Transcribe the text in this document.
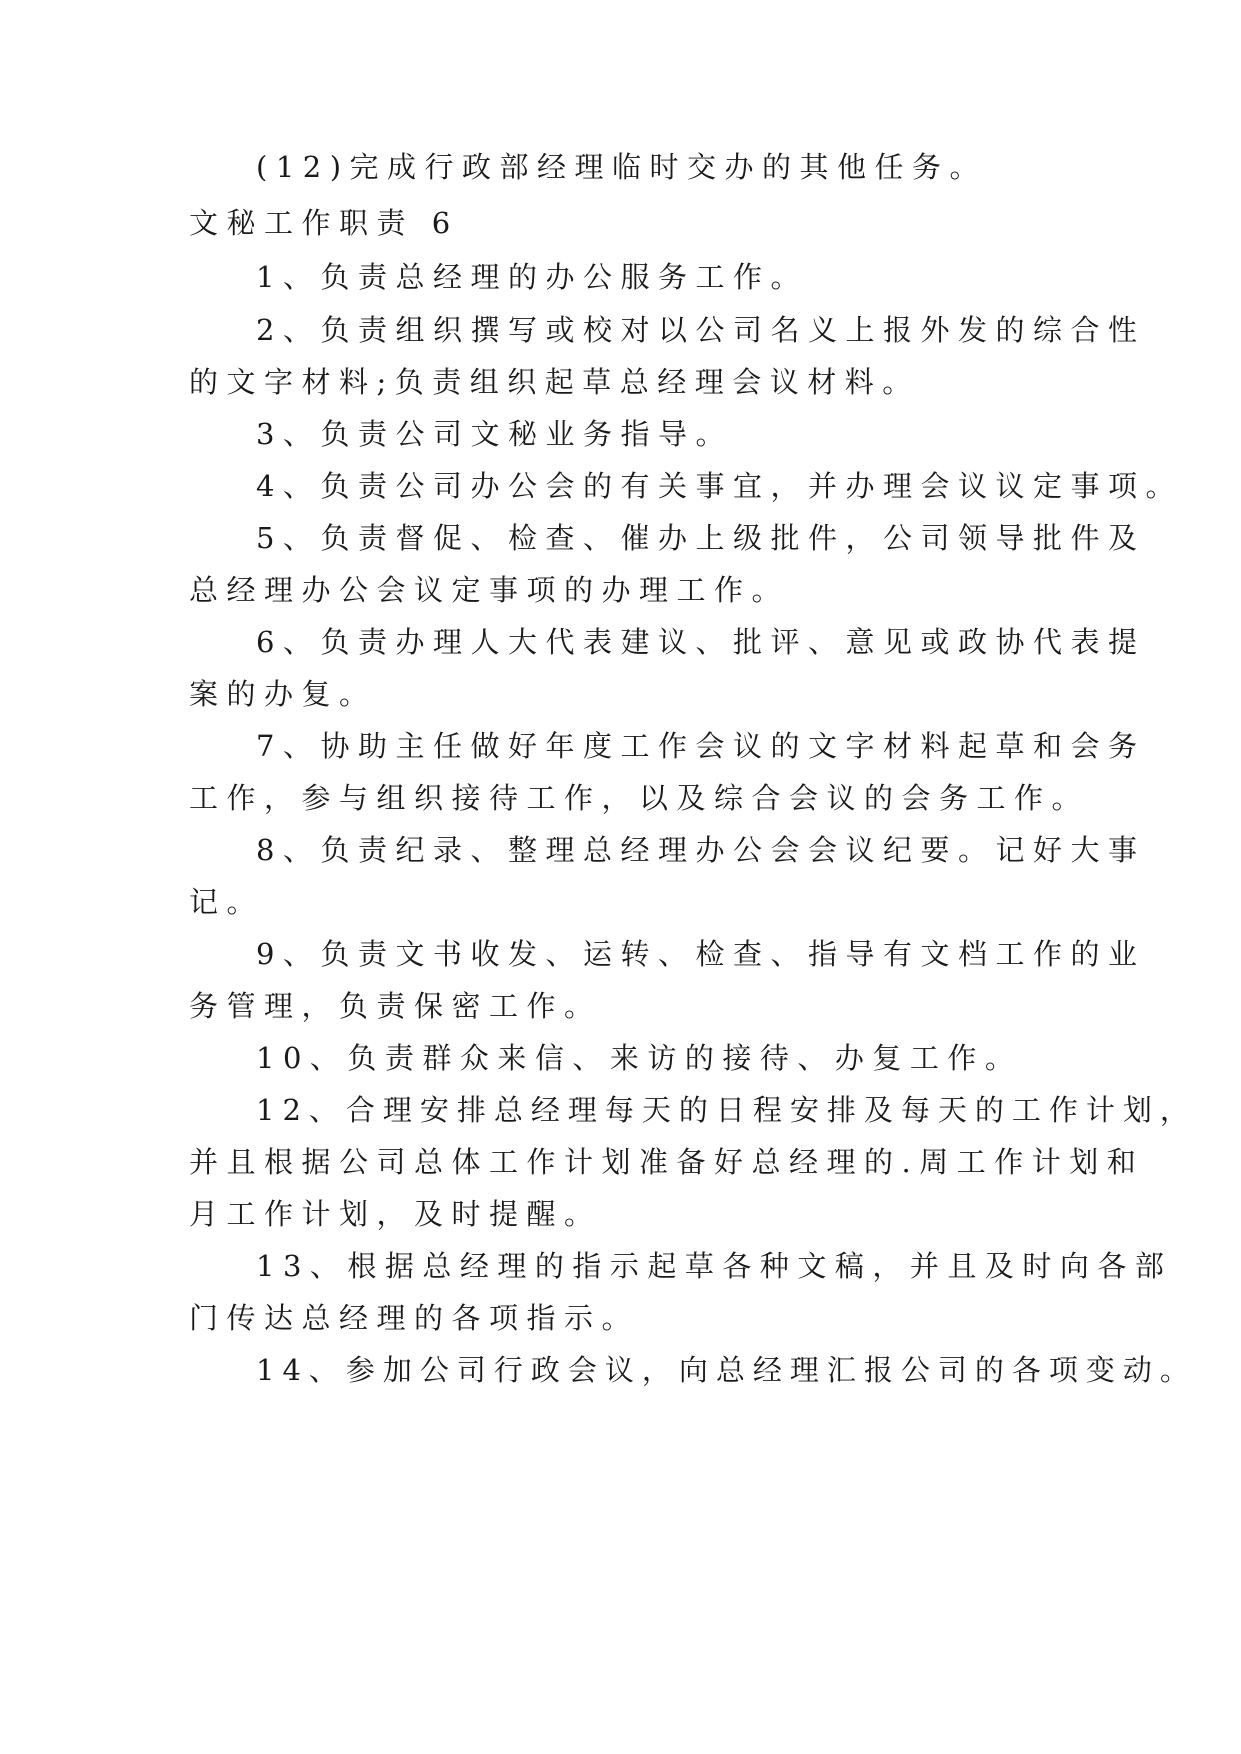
(12)完成行政部经理临时交办的其他任务。
文秘工作职责 6
1、负责总经理的办公服务工作。
2、负责组织撰写或校对以公司名义上报外发的综合性
的文字材料;负责组织起草总经理会议材料。
3、负责公司文秘业务指导。
4、负责公司办公会的有关事宜，并办理会议议定事项。
5、负责督促、检查、催办上级批件，公司领导批件及
总经理办公会议定事项的办理工作。
6、负责办理人大代表建议、批评、意见或政协代表提
案的办复。
7、协助主任做好年度工作会议的文字材料起草和会务
工作，参与组织接待工作，以及综合会议的会务工作。
8、负责纪录、整理总经理办公会会议纪要。记好大事
记。
9、负责文书收发、运转、检查、指导有文档工作的业
务管理，负责保密工作。
10、负责群众来信、来访的接待、办复工作。
12、合理安排总经理每天的日程安排及每天的工作计划，
并且根据公司总体工作计划准备好总经理的.周工作计划和
月工作计划，及时提醒。
13、根据总经理的指示起草各种文稿，并且及时向各部
门传达总经理的各项指示。
14、参加公司行政会议，向总经理汇报公司的各项变动。
